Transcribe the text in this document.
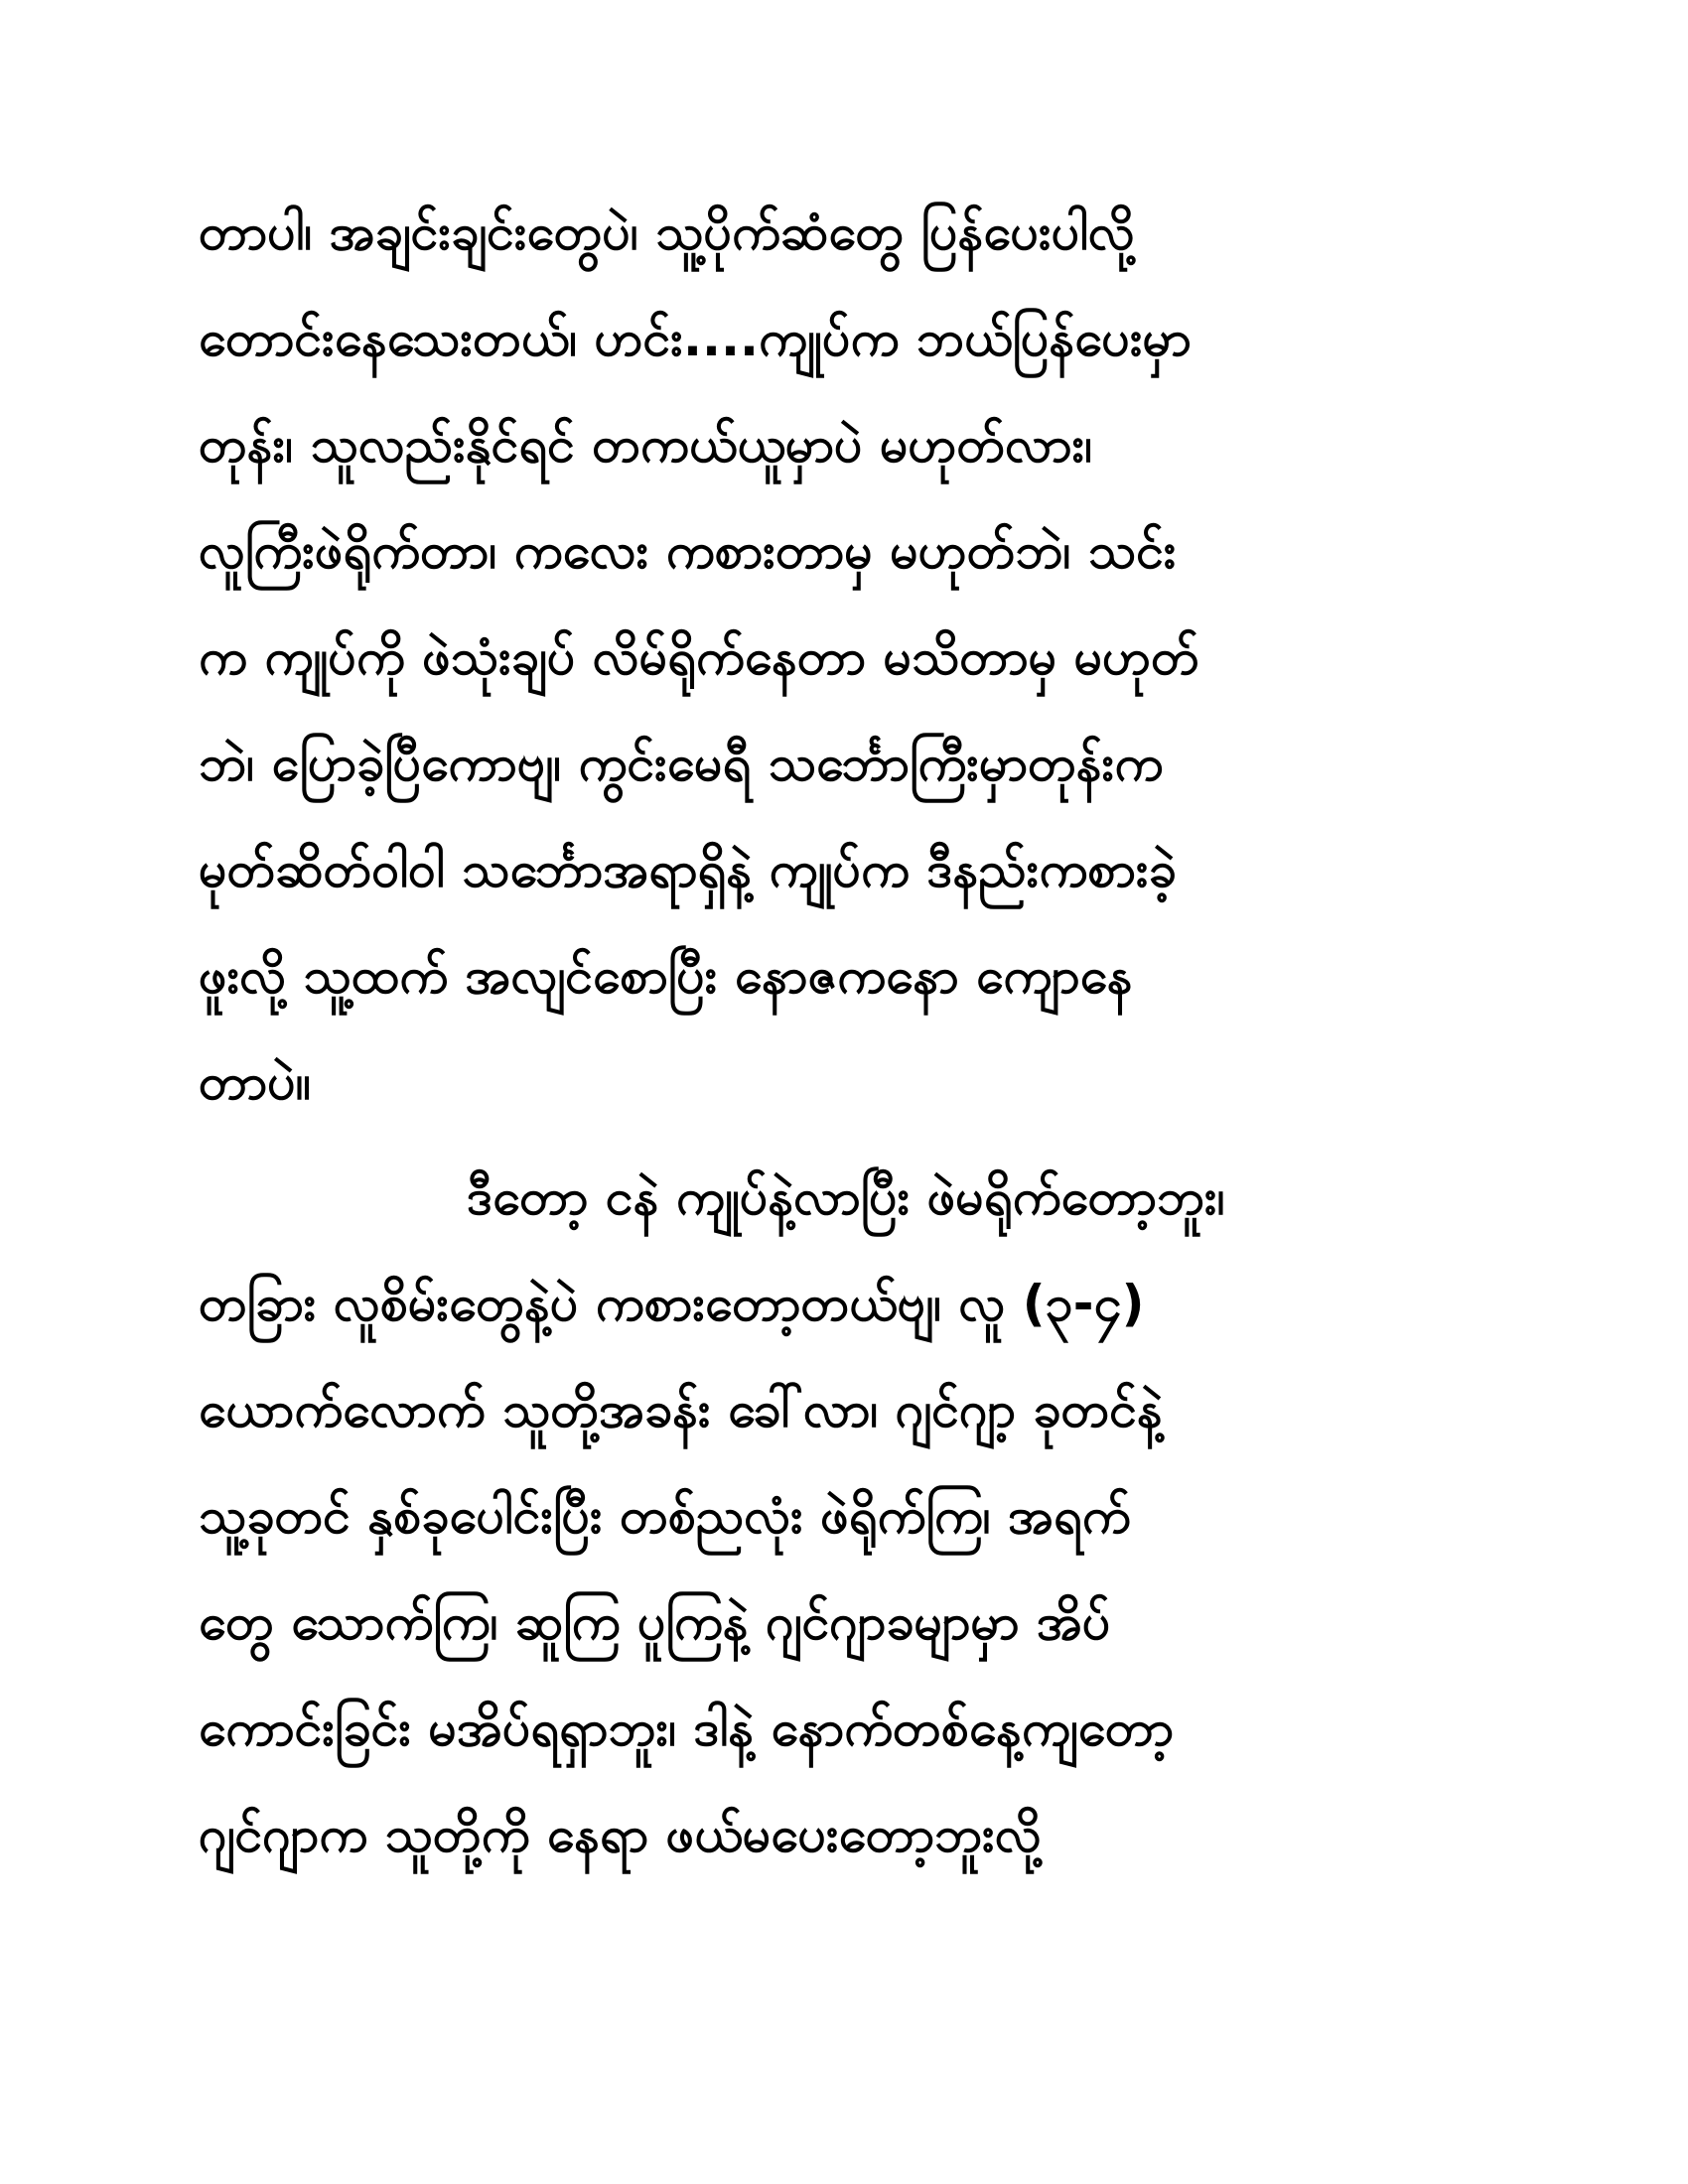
တာပါ၊ အချင်းချင်းတွေပဲ၊ သူ့ပိုက်ဆံတွေ ပြန်ပေးပါလို့
တောင်းနေသေးတယ်၊ ဟင်း....ကျုပ်က ဘယ်ပြန်ပေးမှာ
တုန်း၊ သူလည်းနိုင်ရင် တကယ်ယူမှာပဲ မဟုတ်လား၊
လူကြီးဖဲရိုက်တာ၊ ကလေး ကစားတာမှ မဟုတ်ဘဲ၊ သင်း
က ကျုပ်ကို ဖဲသုံးချပ် လိမ်ရိုက်နေတာ မသိတာမှ မဟုတ်
ဘဲ၊ ပြောခဲ့ပြီကောဗျ၊ ကွင်းမေရီ သင်္ဘောကြီးမှာတုန်းက
မုတ်ဆိတ်ဝါဝါ သင်္ဘောအရာရှိနဲ့ ကျုပ်က ဒီနည်းကစားခဲ့
ဖူးလို့ သူ့ထက် အလျင်စောပြီး နောဇကနော ကျောနေ
တာပဲ။
ဒီတော့ ငနဲ ကျုပ်နဲ့လာပြီး ဖဲမရိုက်တော့ဘူး၊
တခြား လူစိမ်းတွေနဲ့ပဲ ကစားတော့တယ်ဗျ၊ လူ (၃-၄)
ယောက်လောက် သူတို့အခန်း ခေါ်လာ၊ ဂျင်ဂျာ့ ခုတင်နဲ့
သူ့ခုတင် နှစ်ခုပေါင်းပြီး တစ်ညလုံး ဖဲရိုက်ကြ၊ အရက်
တွေ သောက်ကြ၊ ဆူကြ ပူကြနဲ့ ဂျင်ဂျာခမျာမှာ အိပ်
ကောင်းခြင်း မအိပ်ရရှာဘူး၊ ဒါနဲ့ နောက်တစ်နေ့ကျတော့
ဂျင်ဂျာက သူတို့ကို နေရာ ဖယ်မပေးတော့ဘူးလို့
